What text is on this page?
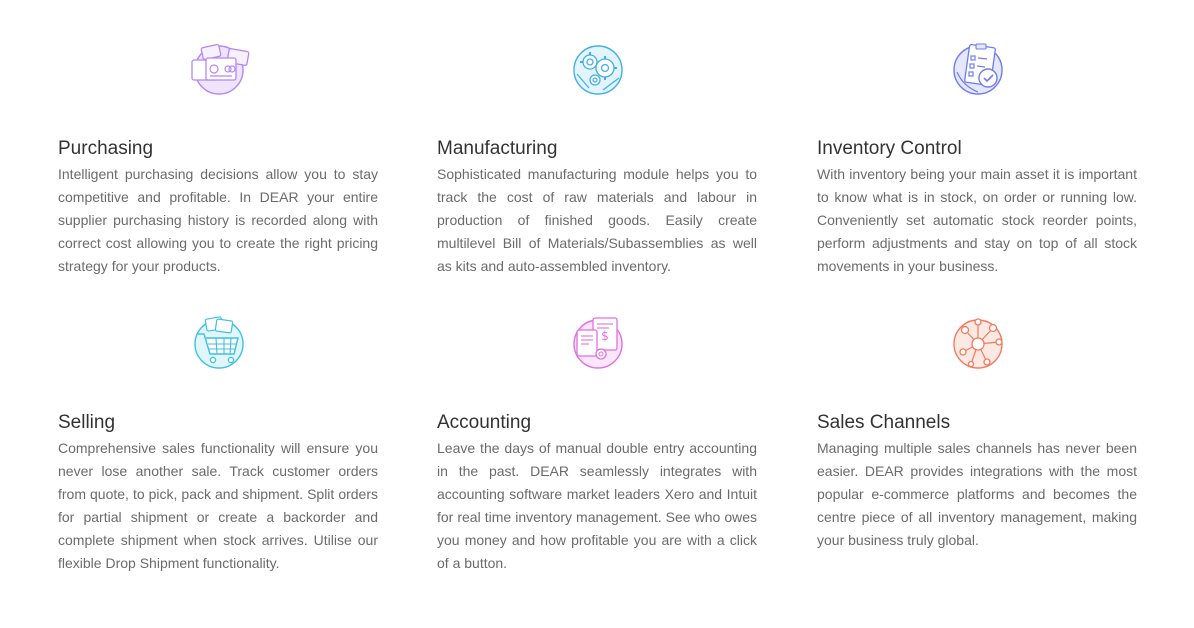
Purchasing

Intelligent purchasing decisions allow you to stay competitive and profitable. In DEAR your entire supplier purchasing history is recorded along with correct cost allowing you to create the right pricing strategy for your products.

Manufacturing

Sophisticated manufacturing module helps you to track the cost of raw materials and labour in production of finished goods. Easily create multilevel Bill of Materials/Subassemblies as well as kits and auto-assembled inventory.

Inventory Control

With inventory being your main asset it is important to know what is in stock, on order or running low. Conveniently set automatic stock reorder points, perform adjustments and stay on top of all stock movements in your business.

Selling

Comprehensive sales functionality will ensure you never lose another sale. Track customer orders from quote, to pick, pack and shipment. Split orders for partial shipment or create a backorder and complete shipment when stock arrives. Utilise our flexible Drop Shipment functionality.

$
Accounting

Leave the days of manual double entry accounting in the past. DEAR seamlessly integrates with accounting software market leaders Xero and Intuit for real time inventory management. See who owes you money and how profitable you are with a click of a button.

Sales Channels

Managing multiple sales channels has never been easier. DEAR provides integrations with the most popular e-commerce platforms and becomes the centre piece of all inventory management, making your business truly global.
